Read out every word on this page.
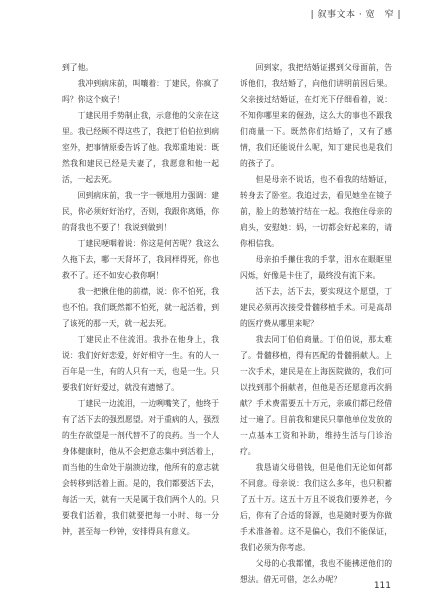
| 叙事文本 · 宽　窄 |

到了他。

我冲到病床前，叫嚷着：丁建民，你疯了吗？你这个疯子！

丁建民用手势制止我，示意他的父亲在这里。我已经顾不得这些了，我把丁伯伯拉到病室外，把事情原委告诉了他。我郑重地说：既然我和建民已经是夫妻了，我愿意和他一起活，一起去死。

回到病床前，我一字一顿地用力强调：建民，你必须好好治疗，否则，我跟你离婚，你的肾我也不要了！我说到做到！

丁建民哽咽着说：你这是何苦呢？我这么久拖下去，哪一天肾坏了，我同样得死，你也救不了。还不如安心救你啊！

我一把揪住他的前襟，说：你不怕死，我也不怕。我们既然都不怕死，就一起活着，到了该死的那一天，就一起去死。

丁建民止不住流泪。我扑在他身上，我说：我们好好恋爱，好好相守一生。有的人一百年是一生，有的人只有一天，也是一生。只要我们好好爱过，就没有遗憾了。

丁建民一边流泪，一边咧嘴笑了，他终于有了活下去的强烈愿望。对于重病的人，强烈的生存欲望是一剂代替不了的良药。当一个人身体健康时，他从不会把意志集中到活着上，而当他的生命处于崩溃边缘，他所有的意志就会转移到活着上面。是的，我们都要活下去，每活一天，就有一天是属于我们两个人的。只要我们活着，我们就要把每一小时、每一分钟，甚至每一秒钟，安排得具有意义。

回到家，我把结婚证撂到父母面前，告诉他们，我结婚了，向他们讲明前因后果。父亲接过结婚证，在灯光下仔细看着，说：不知你哪里来的倔劲，这么大的事也不跟我们商量一下。既然你们结婚了，又有了感情，我们还能说什么呢，知丁建民也是我们的孩子了。

但是母亲不说话，也不看我的结婚证，转身去了卧室。我追过去，看见她坐在镜子前，脸上的愁皱拧结在一起。我抱住母亲的肩头，安慰她：妈，一切都会好起来的，请你相信我。

母亲拍手攥住我的手掌，泪水在眼眶里闪烁，好像是卡住了，最终没有流下来。

活下去，活下去，要实现这个愿望，丁建民必须再次接受骨髓移植手术。可是高昂的医疗费从哪里来呢？

我去同丁伯伯商量。丁伯伯说，那太难了。骨髓移植，得有匹配的骨髓捐献人。上一次手术，建民是在上海医院做的，我们可以找到那个捐献者，但他是否还愿意再次捐献？手术费需要五十万元，亲戚们都已经借过一遍了。目前我和建民只靠他单位发放的一点基本工资和补助，维持生活与门诊治疗。

我恳请父母借钱，但是他们无论如何都不同意。母亲说：我们这么多年，也只积蓄了五十万。这五十万且不说我们要养老，今后，你有了合适的肾源，也是随时要为你做手术准备着。这不是偏心，我们不能保证，我们必须为你考虑。

父母的心我都懂，我也不能拂逆他们的想法。借无可借，怎么办呢？

111
